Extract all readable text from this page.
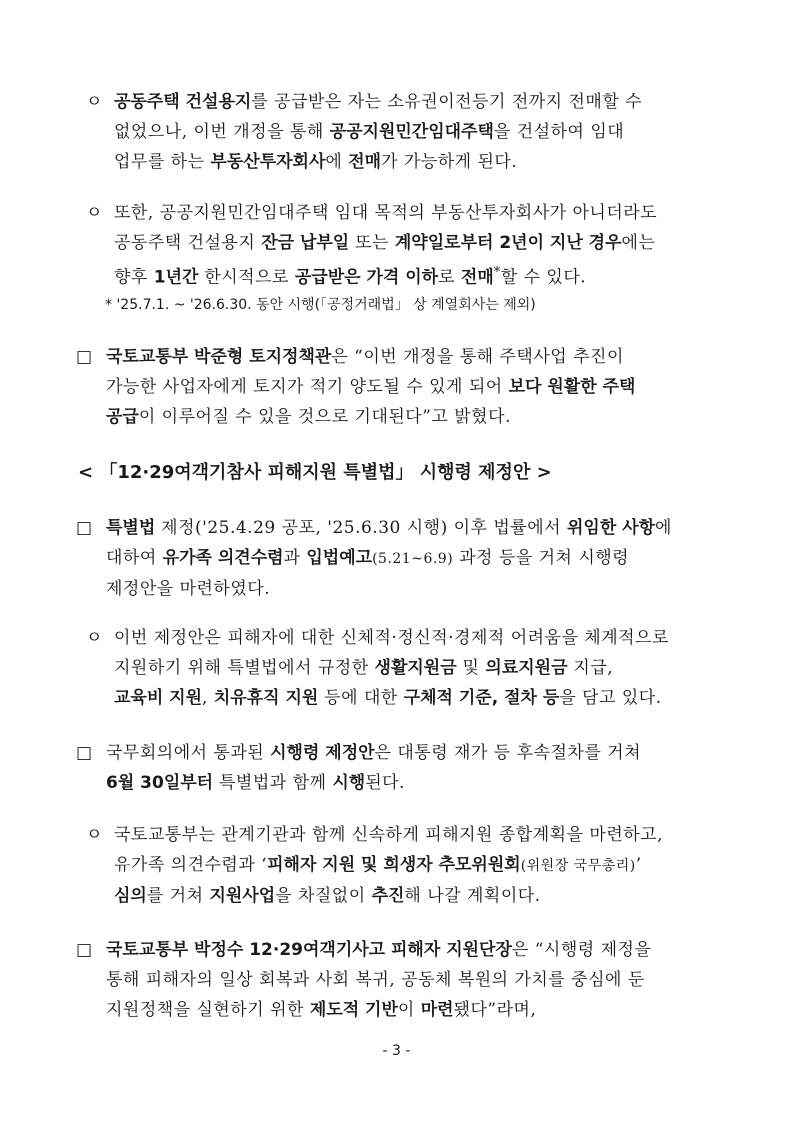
ㅇ 공동주택 건설용지를 공급받은 자는 소유권이전등기 전까지 전매할 수

없었으나, 이번 개정을 통해 공공지원민간임대주택을 건설하여 임대

업무를 하는 부동산투자회사에 전매가 가능하게 된다.

ㅇ 또한, 공공지원민간임대주택 임대 목적의 부동산투자회사가 아니더라도

공동주택 건설용지 잔금 납부일 또는 계약일로부터 2년이 지난 경우에는

향후 1년간 한시적으로 공급받은 가격 이하로 전매*할 수 있다.

* '25.7.1. ~ '26.6.30. 동안 시행(「공정거래법」 상 계열회사는 제외)

□ 국토교통부 박준형 토지정책관은 “이번 개정을 통해 주택사업 추진이

가능한 사업자에게 토지가 적기 양도될 수 있게 되어 보다 원활한 주택

공급이 이루어질 수 있을 것으로 기대된다”고 밝혔다.

< 「12·29여객기참사 피해지원 특별법」 시행령 제정안 >

□ 특별법 제정('25.4.29 공포, '25.6.30 시행) 이후 법률에서 위임한 사항에

대하여 유가족 의견수렴과 입법예고(5.21~6.9) 과정 등을 거쳐 시행령

제정안을 마련하였다.

ㅇ 이번 제정안은 피해자에 대한 신체적·정신적·경제적 어려움을 체계적으로

지원하기 위해 특별법에서 규정한 생활지원금 및 의료지원금 지급,

교육비 지원, 치유휴직 지원 등에 대한 구체적 기준, 절차 등을 담고 있다.

□ 국무회의에서 통과된 시행령 제정안은 대통령 재가 등 후속절차를 거쳐

6월 30일부터 특별법과 함께 시행된다.

ㅇ 국토교통부는 관계기관과 함께 신속하게 피해지원 종합계획을 마련하고,

유가족 의견수렴과 ‘피해자 지원 및 희생자 추모위원회(위원장 국무총리)’

심의를 거쳐 지원사업을 차질없이 추진해 나갈 계획이다.

□ 국토교통부 박정수 12·29여객기사고 피해자 지원단장은 “시행령 제정을

통해 피해자의 일상 회복과 사회 복귀, 공동체 복원의 가치를 중심에 둔

지원정책을 실현하기 위한 제도적 기반이 마련됐다”라며,

- 3 -
